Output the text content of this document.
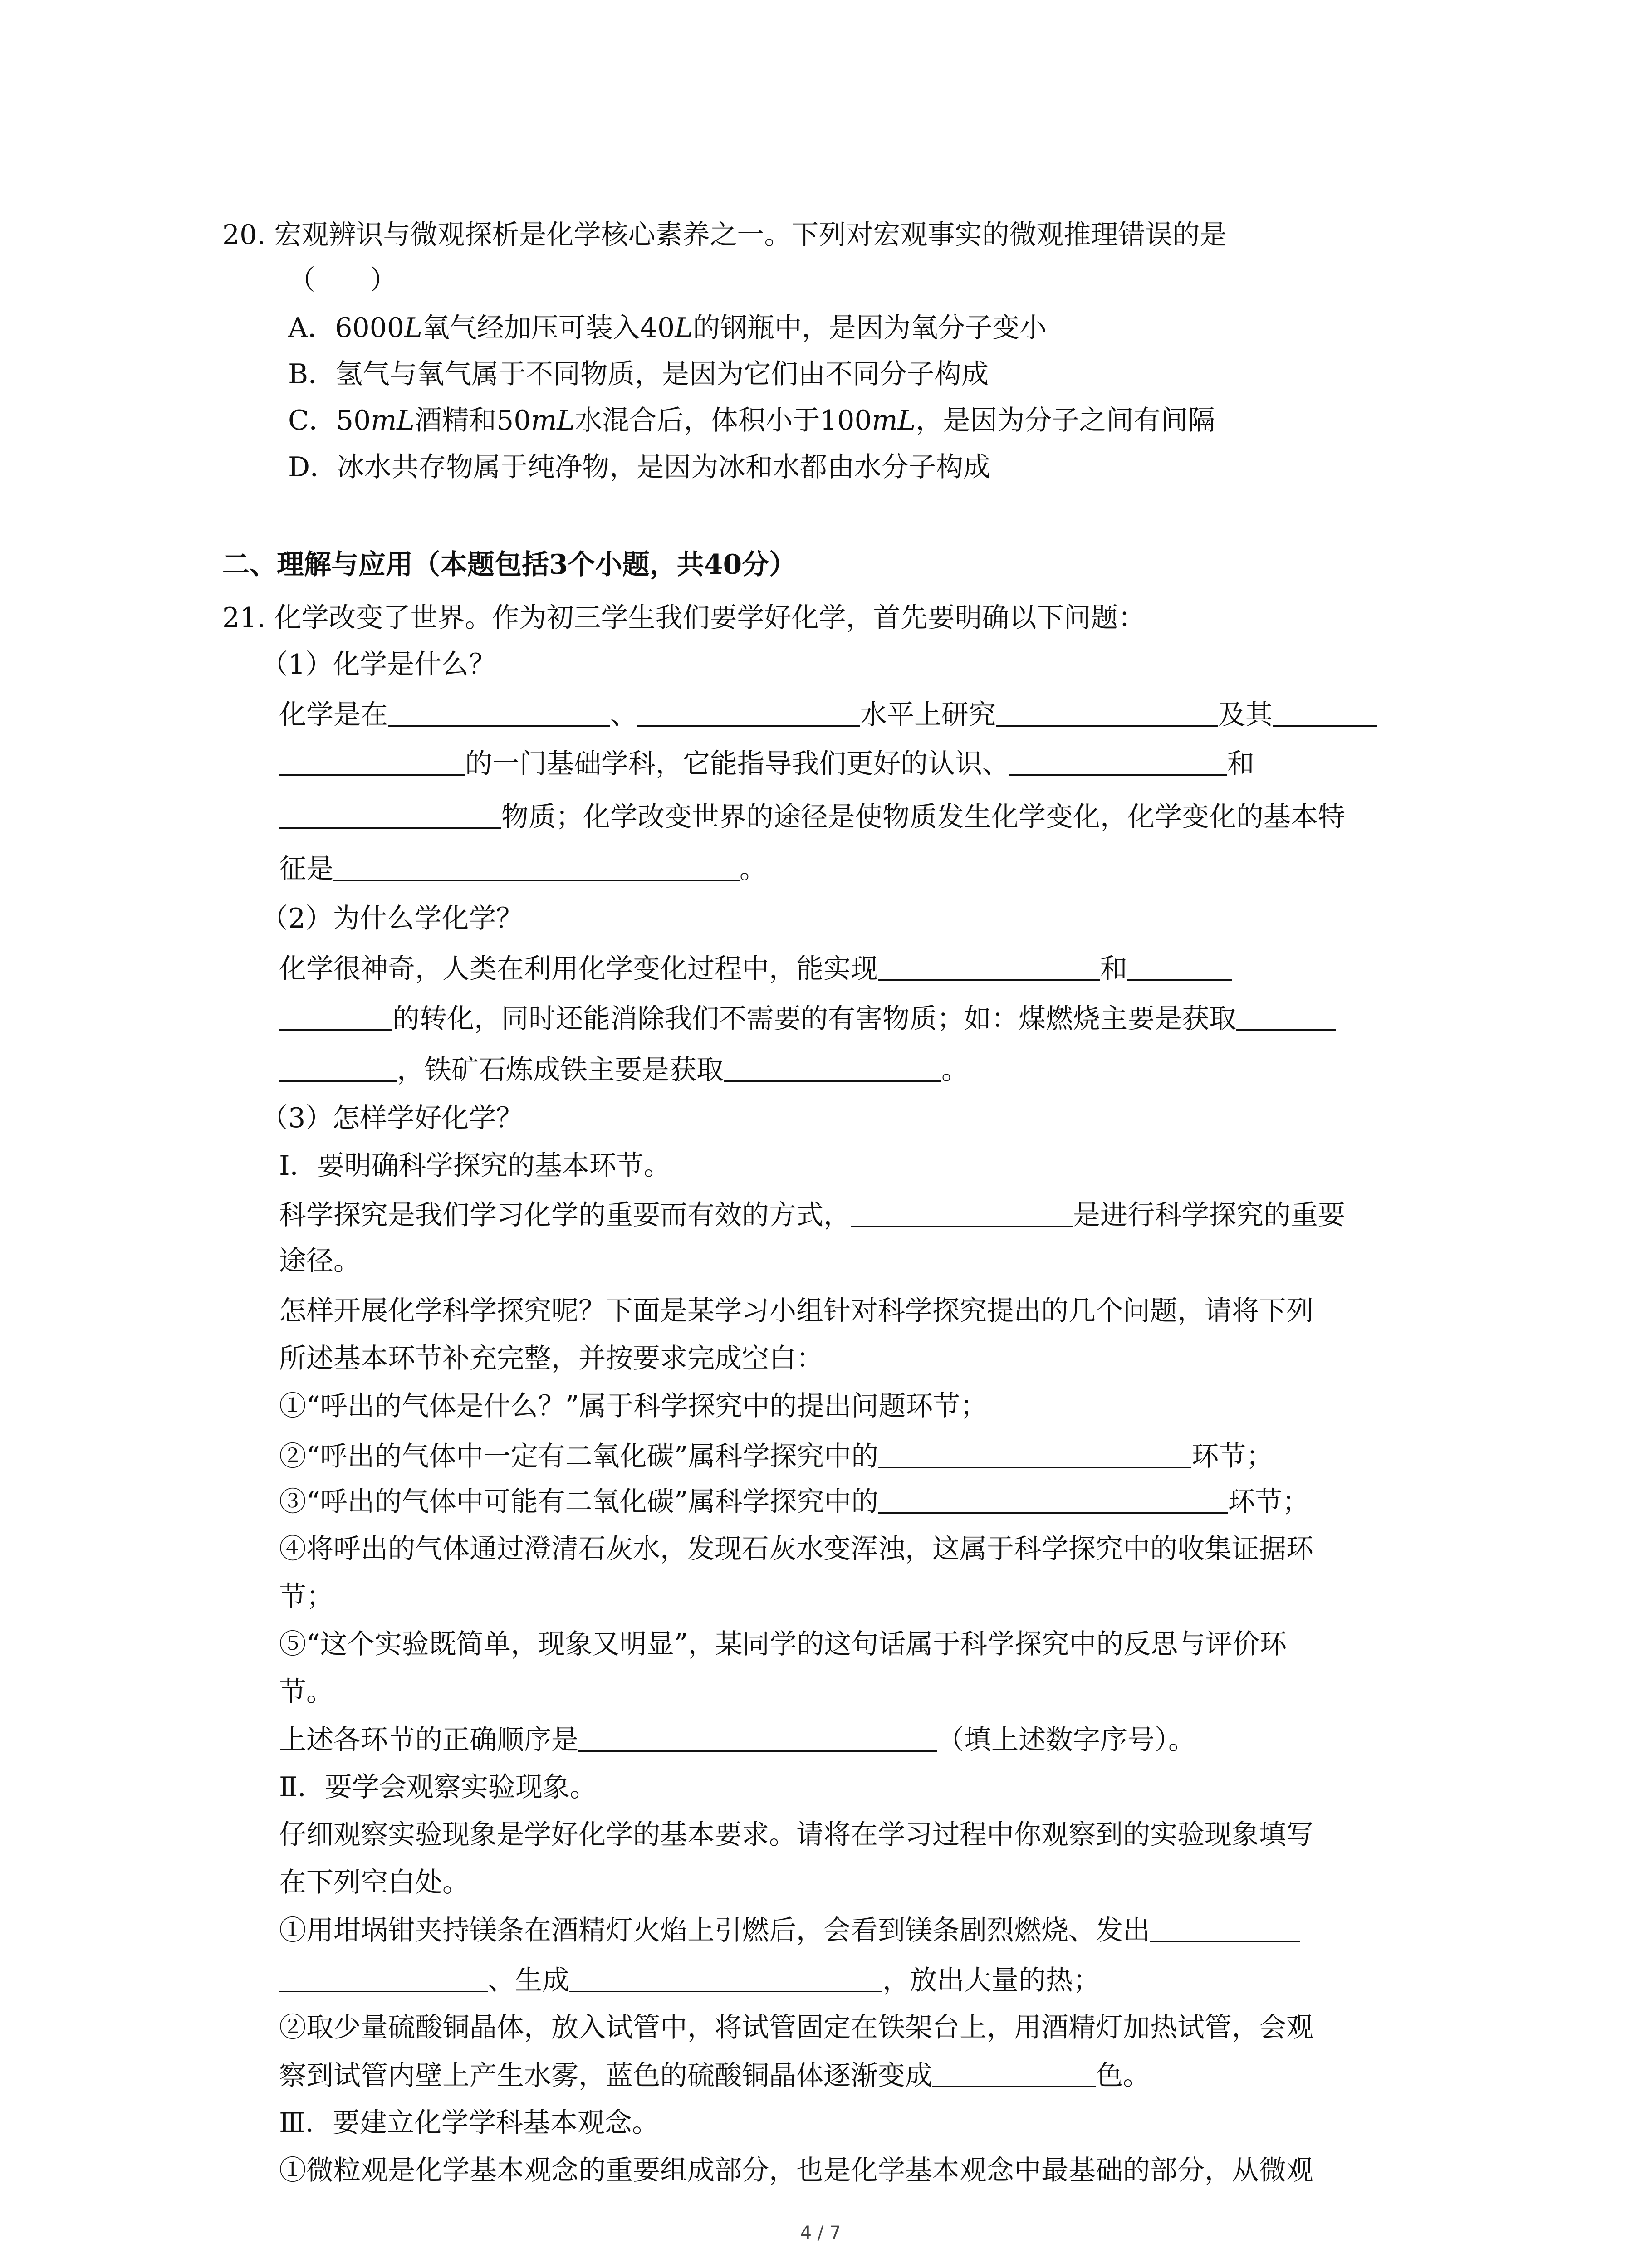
20. 宏观辨识与微观探析是化学核心素养之一。下列对宏观事实的微观推理错误的是
（　　）
A．6000L氧气经加压可装入40L的钢瓶中，是因为氧分子变小
B．氢气与氧气属于不同物质，是因为它们由不同分子构成
C．50mL酒精和50mL水混合后，体积小于100mL，是因为分子之间有间隔
D．冰水共存物属于纯净物，是因为冰和水都由水分子构成
二、理解与应用（本题包括3个小题，共40分）
21. 化学改变了世界。作为初三学生我们要学好化学，首先要明确以下问题：
（1）化学是什么？
化学是在	、	水平上研究	及其
的一门基础学科，它能指导我们更好的认识、	和
物质；化学改变世界的途径是使物质发生化学变化，化学变化的基本特
征是	。
（2）为什么学化学？
化学很神奇，人类在利用化学变化过程中，能实现	和
的转化，同时还能消除我们不需要的有害物质；如：煤燃烧主要是获取
，铁矿石炼成铁主要是获取	。
（3）怎样学好化学？
Ⅰ．要明确科学探究的基本环节。
科学探究是我们学习化学的重要而有效的方式，	是进行科学探究的重要
途径。
怎样开展化学科学探究呢？下面是某学习小组针对科学探究提出的几个问题，请将下列
所述基本环节补充完整，并按要求完成空白：
①“呼出的气体是什么？”属于科学探究中的提出问题环节；
②“呼出的气体中一定有二氧化碳”属科学探究中的	环节；
③“呼出的气体中可能有二氧化碳”属科学探究中的	环节；
④将呼出的气体通过澄清石灰水，发现石灰水变浑浊，这属于科学探究中的收集证据环
节；
⑤“这个实验既简单，现象又明显”，某同学的这句话属于科学探究中的反思与评价环
节。
上述各环节的正确顺序是	（填上述数字序号）。
Ⅱ．要学会观察实验现象。
仔细观察实验现象是学好化学的基本要求。请将在学习过程中你观察到的实验现象填写
在下列空白处。
①用坩埚钳夹持镁条在酒精灯火焰上引燃后，会看到镁条剧烈燃烧、发出
、生成	，放出大量的热；
②取少量硫酸铜晶体，放入试管中，将试管固定在铁架台上，用酒精灯加热试管，会观
察到试管内壁上产生水雾，蓝色的硫酸铜晶体逐渐变成	色。
Ⅲ．要建立化学学科基本观念。
①微粒观是化学基本观念的重要组成部分，也是化学基本观念中最基础的部分，从微观
4 / 7
